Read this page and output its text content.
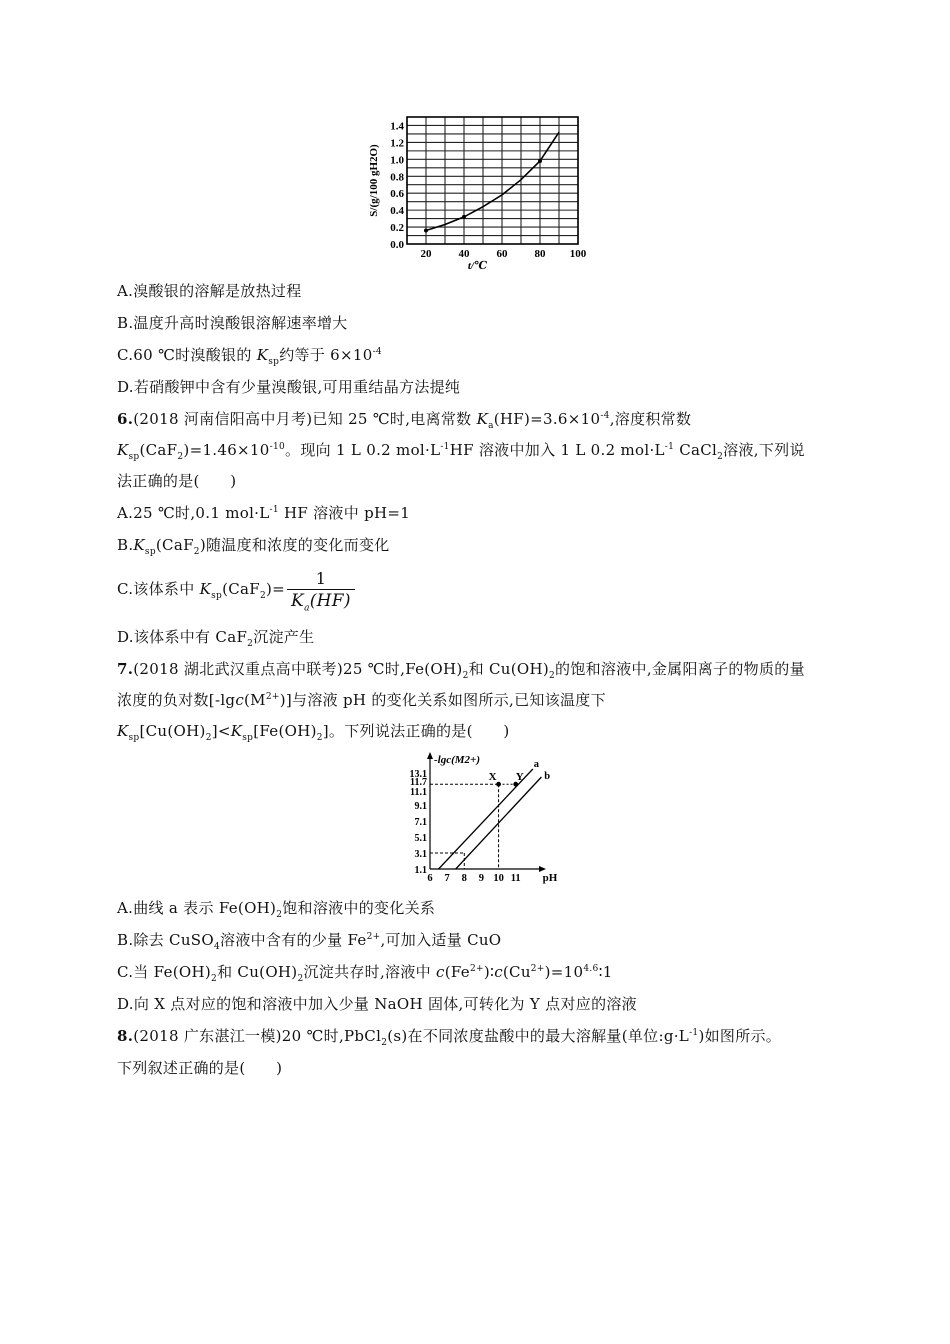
20 40 60 80 100
0.0
0.2
0.4
0.6
0.8
1.0
1.2
1.4
t/℃
S/(g/100 gH2O)
A.溴酸银的溶解是放热过程
B.温度升高时溴酸银溶解速率增大
C.60 ℃时溴酸银的 $K_{sp}$约等于 $6\times 10^{-4}$
D.若硝酸钾中含有少量溴酸银,可用重结晶方法提纯
6.(2018 河南信阳高中月考)已知 25 ℃时,电离常数 $K_a(HF)=3.6\times 10^{-4}$,溶度积常数
$K_{sp}(CaF_2)=1.46\times 10^{-10}$。现向 1 L 0.2 $mol\cdot L^{-1}HF$ 溶液中加入 1 L 0.2 $mol\cdot L^{-1}$ CaCl$_2$溶液,下列说
法正确的是(　　)
A.25 ℃时,0.1 $mol\cdot L^{-1}$ HF 溶液中 pH=1
$B.K_{sp}(CaF_2)$随温度和浓度的变化而变化
C.该体系中 $K_{sp}(CaF_2)= \frac{1}{K_a(HF)}$
D.该体系中有 CaF$_2$沉淀产生
7.(2018 湖北武汉重点高中联考)25 ℃时$,Fe(OH)_2$和 $Cu(OH)_2$的饱和溶液中,金属阳离子的物质的量
浓度的负对数$[-\lg c(M^{2+})]$与溶液 pH 的变化关系如图所示,已知该温度下
$K_{sp}[Cu(OH)_2]<K_{sp}[Fe(OH)_2]$。下列说法正确的是(　　)
6 7 8 9 10 11
1.1
3.1
5.1
7.1
9.1
11.1
11.7
13.1
pH
-lgc(M2+)	a
b
X Y
A.曲线 a 表示 $Fe(OH)_2$饱和溶液中的变化关系
B.除去 CuSO$_4$溶液中含有的少量 $Fe^{2+}$,可加入适量 CuO
C.当 $Fe(OH)_2$和 $Cu(OH)_2$沉淀共存时,溶液中 $c(Fe^{2+})∶c(Cu^{2+})=10^{4.6}∶1$
D.向 X 点对应的饱和溶液中加入少量 NaOH 固体,可转化为 Y 点对应的溶液
8.(2018 广东湛江一模)20 ℃时,PbCl$_2$(s)在不同浓度盐酸中的最大溶解量(单位$:g\cdot L^{-1}$)如图所示。
下列叙述正确的是(　　)
